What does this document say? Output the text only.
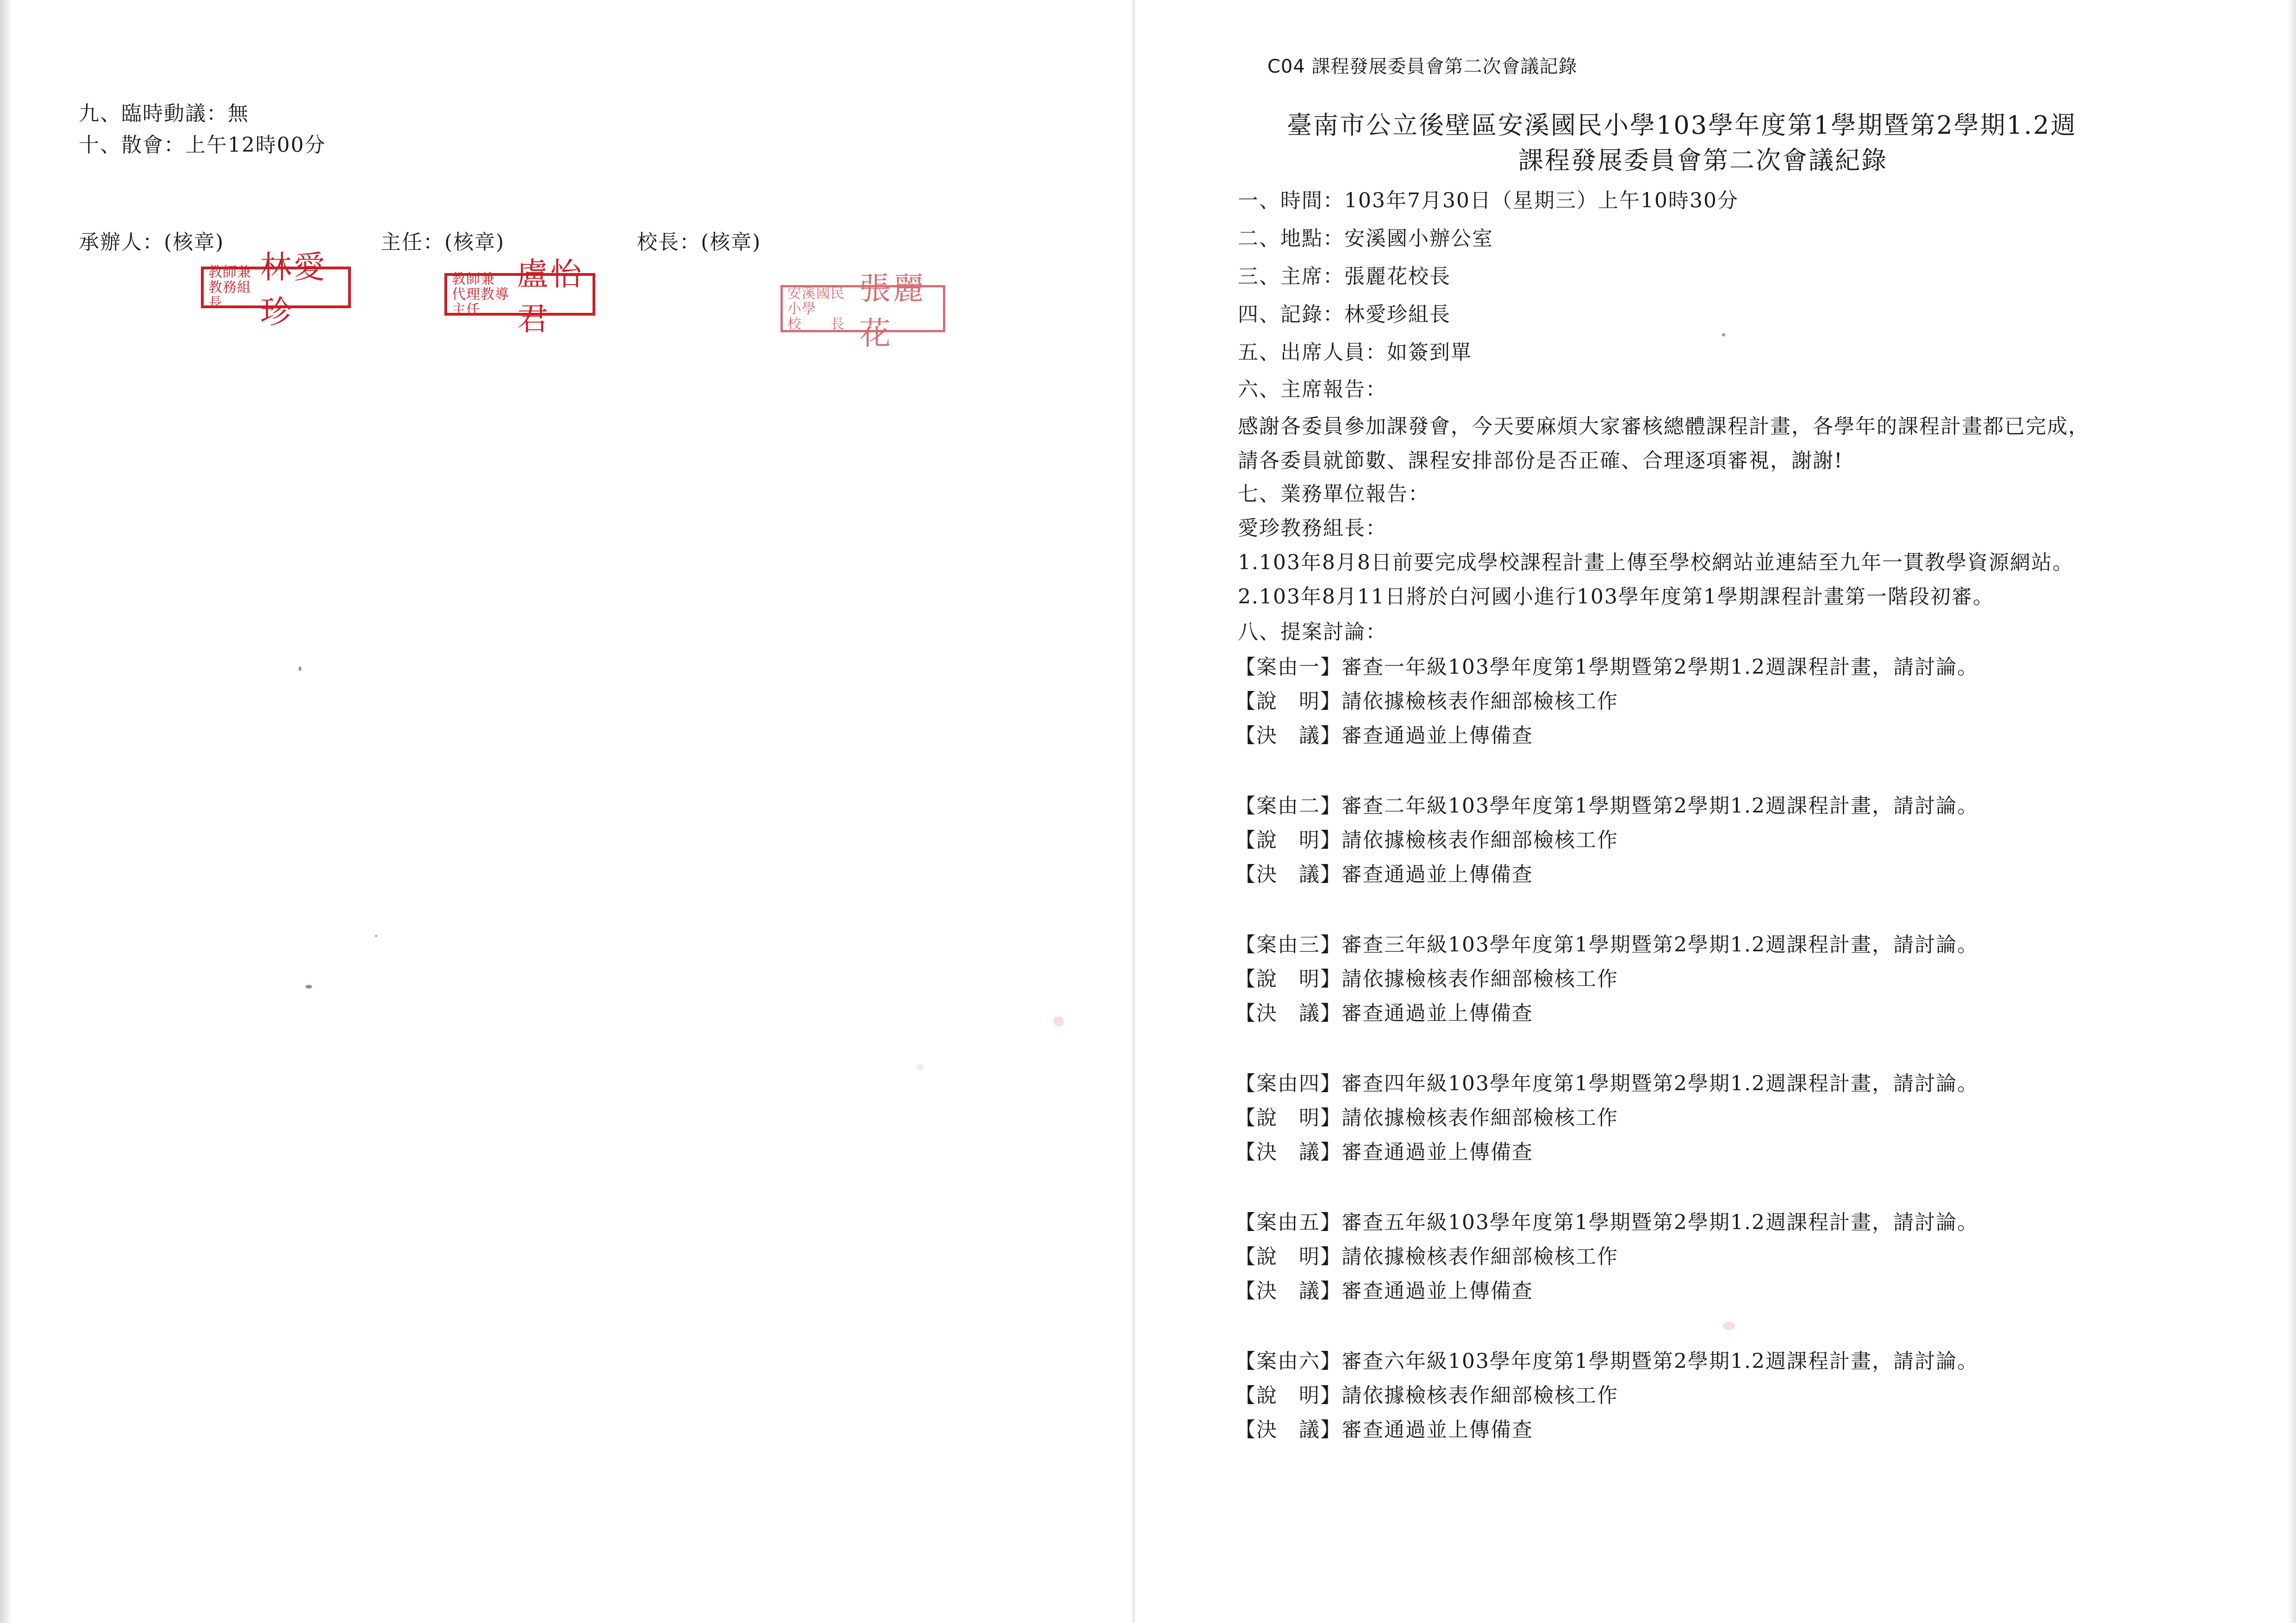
九、臨時動議：無
十、散會：上午12時00分
承辦人：(核章)	主任：(核章)	校長：(核章)
教師兼
教務組長
林愛珍
教師兼
代理教導主任
盧怡君
安溪國民小學
校　　長
張麗花
C04 課程發展委員會第二次會議記錄
臺南市公立後壁區安溪國民小學103學年度第1學期暨第2學期1.2週
課程發展委員會第二次會議紀錄
一、時間：103年7月30日（星期三）上午10時30分
二、地點：安溪國小辦公室
三、主席：張麗花校長
四、記錄：林愛珍組長
五、出席人員：如簽到單
六、主席報告：
感謝各委員參加課發會，今天要麻煩大家審核總體課程計畫，各學年的課程計畫都已完成，
請各委員就節數、課程安排部份是否正確、合理逐項審視，謝謝!
七、業務單位報告：
愛珍教務組長：
1.103年8月8日前要完成學校課程計畫上傳至學校網站並連結至九年一貫教學資源網站。
2.103年8月11日將於白河國小進行103學年度第1學期課程計畫第一階段初審。
八、提案討論：
【案由一】審查一年級103學年度第1學期暨第2學期1.2週課程計畫，請討論。
【說　明】請依據檢核表作細部檢核工作
【決　議】審查通過並上傳備查
【案由二】審查二年級103學年度第1學期暨第2學期1.2週課程計畫，請討論。
【說　明】請依據檢核表作細部檢核工作
【決　議】審查通過並上傳備查
【案由三】審查三年級103學年度第1學期暨第2學期1.2週課程計畫，請討論。
【說　明】請依據檢核表作細部檢核工作
【決　議】審查通過並上傳備查
【案由四】審查四年級103學年度第1學期暨第2學期1.2週課程計畫，請討論。
【說　明】請依據檢核表作細部檢核工作
【決　議】審查通過並上傳備查
【案由五】審查五年級103學年度第1學期暨第2學期1.2週課程計畫，請討論。
【說　明】請依據檢核表作細部檢核工作
【決　議】審查通過並上傳備查
【案由六】審查六年級103學年度第1學期暨第2學期1.2週課程計畫，請討論。
【說　明】請依據檢核表作細部檢核工作
【決　議】審查通過並上傳備查
